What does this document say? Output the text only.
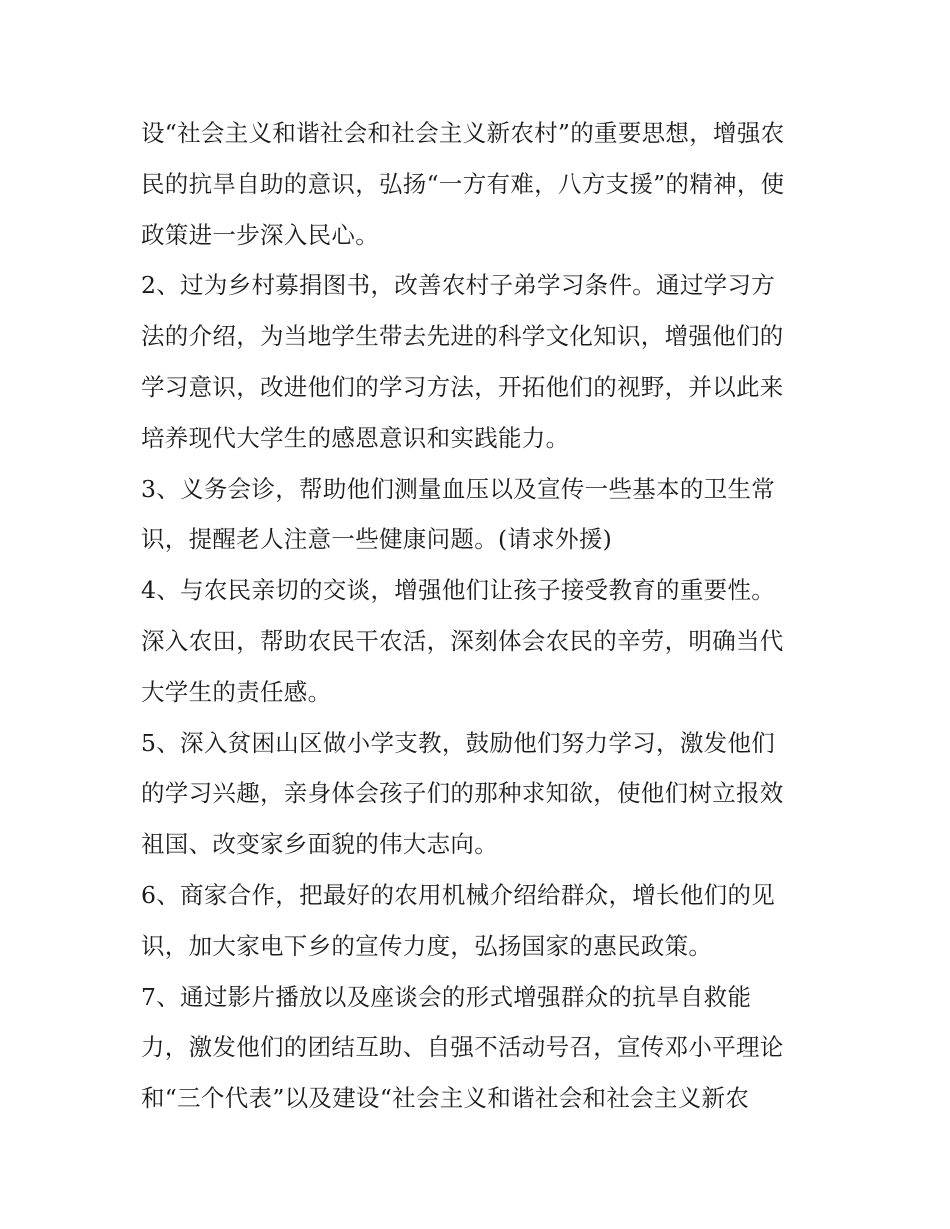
设“社会主义和谐社会和社会主义新农村”的重要思想，增强农
民的抗旱自助的意识，弘扬“一方有难，八方支援”的精神，使
政策进一步深入民心。
2、过为乡村募捐图书，改善农村子弟学习条件。通过学习方
法的介绍，为当地学生带去先进的科学文化知识，增强他们的
学习意识，改进他们的学习方法，开拓他们的视野，并以此来
培养现代大学生的感恩意识和实践能力。
3、义务会诊，帮助他们测量血压以及宣传一些基本的卫生常
识，提醒老人注意一些健康问题。(请求外援)
4、与农民亲切的交谈，增强他们让孩子接受教育的重要性。
深入农田，帮助农民干农活，深刻体会农民的辛劳，明确当代
大学生的责任感。
5、深入贫困山区做小学支教，鼓励他们努力学习，激发他们
的学习兴趣，亲身体会孩子们的那种求知欲，使他们树立报效
祖国、改变家乡面貌的伟大志向。
6、商家合作，把最好的农用机械介绍给群众，增长他们的见
识，加大家电下乡的宣传力度，弘扬国家的惠民政策。
7、通过影片播放以及座谈会的形式增强群众的抗旱自救能
力，激发他们的团结互助、自强不活动号召，宣传邓小平理论
和“三个代表”以及建设“社会主义和谐社会和社会主义新农
